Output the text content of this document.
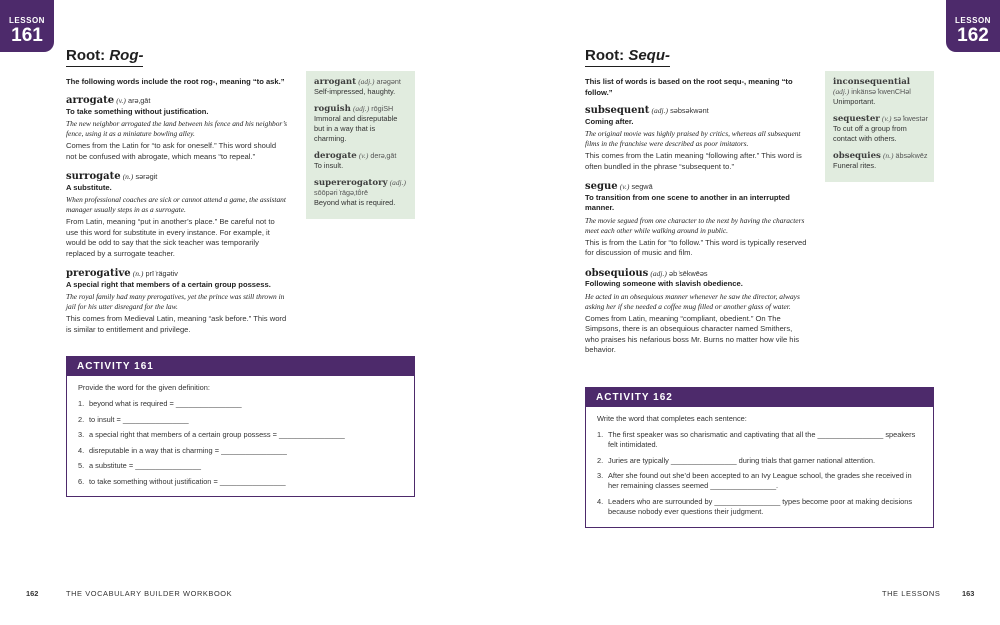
LESSON
161
Root: Rog-
The following words include the root rog-, meaning “to ask.”
arrogate (v.) arə‚gāt
To take something without justification.
The new neighbor arrogated the land between his fence and his neighbor’s fence, using it as a miniature bowling alley.
Comes from the Latin for “to ask for oneself.” This word should not be confused with abrogate, which means “to repeal.”
surrogate (n.) sərəgit
A substitute.
When professional coaches are sick or cannot attend a game, the assistant manager usually steps in as a surrogate.
From Latin, meaning “put in another’s place.” Be careful not to use this word for substitute in every instance. For example, it would be odd to say that the sick teacher was temporarily replaced by a surrogate teacher.
prerogative (n.) prī ̍rägətiv
A special right that members of a certain group possess.
The royal family had many prerogatives, yet the prince was still thrown in jail for his utter disregard for the law.
This comes from Medieval Latin, meaning “ask before.” This word is similar to entitlement and privilege.
arrogant (adj.) arəgənt
Self-impressed, haughty.
roguish (adj.) rōgiSH
Immoral and disreputable but in a way that is charming.
derogate (v.) derə‚gāt
To insult.
supererogatory (adj.) sōōpəri ̍rägə‚tôrē
Beyond what is required.
ACTIVITY 161
Provide the word for the given definition:
1. beyond what is required = ________________
2. to insult = ________________
3. a special right that members of a certain group possess = ________________
4. disreputable in a way that is charming = ________________
5. a substitute = ________________
6. to take something without justification = ________________
162	THE VOCABULARY BUILDER WORKBOOK
LESSON
162
Root: Sequ-
This list of words is based on the root sequ-, meaning “to follow.”
subsequent (adj.) səbsəkwənt
Coming after.
The original movie was highly praised by critics, whereas all subsequent films in the franchise were described as poor imitators.
This comes from the Latin meaning “following after.” This word is often bundled in the phrase “subsequent to.”
segue (v.) segwā
To transition from one scene to another in an interrupted manner.
The movie segued from one character to the next by having the characters meet each other while walking around in public.
This is from the Latin for “to follow.” This word is typically reserved for discussion of music and film.
obsequious (adj.) əb ̍sēkwēəs
Following someone with slavish obedience.
He acted in an obsequious manner whenever he saw the director, always asking her if she needed a coffee mug filled or another glass of water.
Comes from Latin, meaning “compliant, obedient.” On The Simpsons, there is an obsequious character named Smithers, who praises his nefarious boss Mr. Burns no matter how vile his behavior.
inconsequential (adj.) inkänsə ̍kwenCHəl
Unimportant.
sequester (v.) sə ̍kwestər
To cut off a group from contact with others.
obsequies (n.) äbsəkwēz
Funeral rites.
ACTIVITY 162
Write the word that completes each sentence:
1. The first speaker was so charismatic and captivating that all the ________________ speakers felt intimidated.
2. Juries are typically ________________ during trials that garner national attention.
3. After she found out she’d been accepted to an Ivy League school, the grades she received in her remaining classes seemed ________________.
4. Leaders who are surrounded by ________________ types become poor at making decisions because nobody ever questions their judgment.
THE LESSONS	163
